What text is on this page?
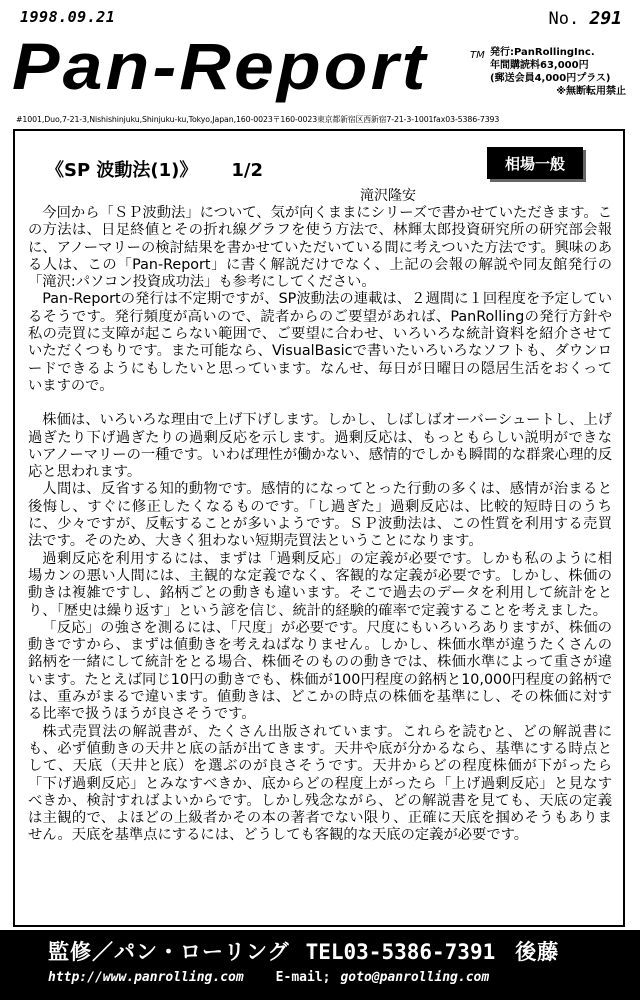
1998.09.21	No. 291
Pan-Report	TM 発行:PanRollingInc.
年間購読料63,000円
(郵送会員4,000円プラス)
※無断転用禁止
#1001,Duo,7-21-3,Nishishinjuku,Shinjuku-ku,Tokyo,Japan,160-0023〒160-0023東京都新宿区西新宿7-21-3-1001fax03-5386-7393
《SP 波動法(1)》 1/2	相場一般
滝沢隆安

今回から「ＳＰ波動法」について、気が向くままにシリーズで書かせていただきます。この方法は、日足終値とその折れ線グラフを使う方法で、林輝太郎投資研究所の研究部会報に、アノーマリーの検討結果を書かせていただいている間に考えついた方法です。興味のある人は、この「Pan-Report」に書く解説だけでなく、上記の会報の解説や同友館発行の「滝沢:パソコン投資成功法」も参考にしてください。

Pan-Reportの発行は不定期ですが、SP波動法の連載は、２週間に１回程度を予定しているそうです。発行頻度が高いので、読者からのご要望があれば、PanRollingの発行方針や私の売買に支障が起こらない範囲で、ご要望に合わせ、いろいろな統計資料を紹介させていただくつもりです。また可能なら、VisualBasicで書いたいろいろなソフトも、ダウンロードできるようにもしたいと思っています。なんせ、毎日が日曜日の隠居生活をおくっていますので。

株価は、いろいろな理由で上げ下げします。しかし、しばしばオーバーシュートし、上げ過ぎたり下げ過ぎたりの過剰反応を示します。過剰反応は、もっともらしい説明ができないアノーマリーの一種です。いわば理性が働かない、感情的でしかも瞬間的な群衆心理的反応と思われます。

人間は、反省する知的動物です。感情的になってとった行動の多くは、感情が治まると後悔し、すぐに修正したくなるものです。「し過ぎた」過剰反応は、比較的短時日のうちに、少々ですが、反転することが多いようです。ＳＰ波動法は、この性質を利用する売買法です。そのため、大きく狙わない短期売買法ということになります。

過剰反応を利用するには、まずは「過剰反応」の定義が必要です。しかも私のように相場カンの悪い人間には、主観的な定義でなく、客観的な定義が必要です。しかし、株価の動きは複雑ですし、銘柄ごとの動きも違います。そこで過去のデータを利用して統計をとり、「歴史は繰り返す」という諺を信じ、統計的経験的確率で定義することを考えました。

「反応」の強さを測るには、「尺度」が必要です。尺度にもいろいろありますが、株価の動きですから、まずは値動きを考えねばなりません。しかし、株価水準が違うたくさんの銘柄を一緒にして統計をとる場合、株価そのものの動きでは、株価水準によって重さが違います。たとえば同じ10円の動きでも、株価が100円程度の銘柄と10,000円程度の銘柄では、重みがまるで違います。値動きは、どこかの時点の株価を基準にし、その株価に対する比率で扱うほうが良さそうです。

株式売買法の解説書が、たくさん出版されています。これらを読むと、どの解説書にも、必ず値動きの天井と底の話が出てきます。天井や底が分かるなら、基準にする時点として、天底（天井と底）を選ぶのが良さそうです。天井からどの程度株価が下がったら「下げ過剰反応」とみなすべきか、底からどの程度上がったら「上げ過剰反応」と見なすべきか、検討すればよいからです。しかし残念ながら、どの解説書を見ても、天底の定義は主観的で、よほどの上級者かその本の著者でない限り、正確に天底を掴めそうもありません。天底を基準点にするには、どうしても客観的な天底の定義が必要です。

監修／パン・ローリング TEL03-5386-7391 後藤
http://www.panrolling.com E-mail; goto@panrolling.com
